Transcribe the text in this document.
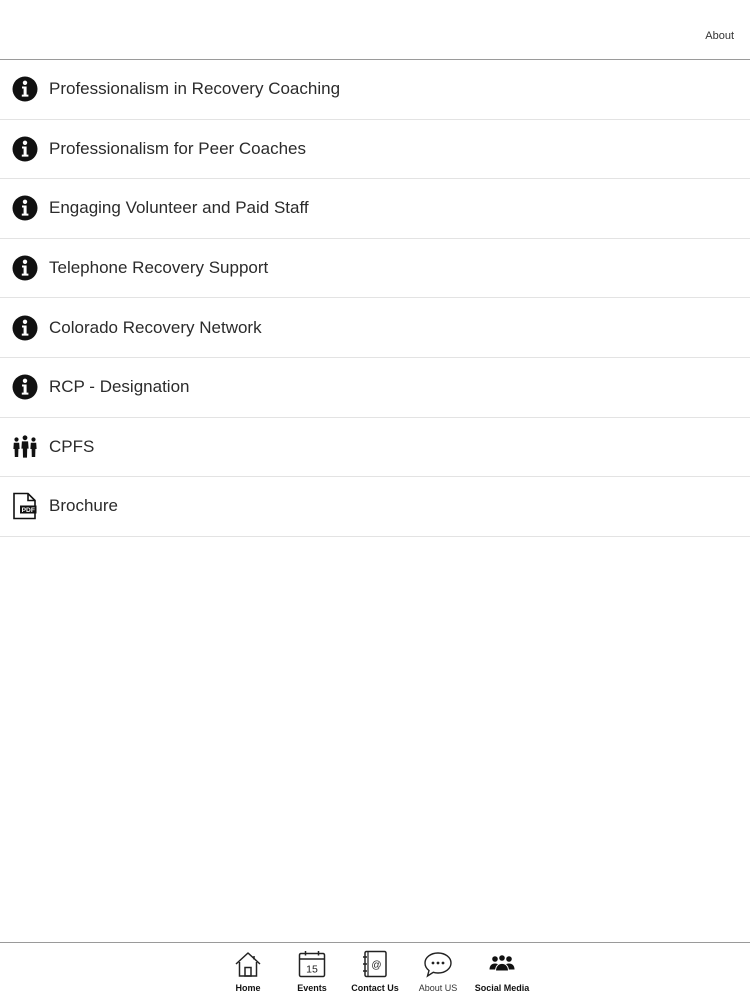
About
Professionalism in Recovery Coaching
Professionalism for Peer Coaches
Engaging Volunteer and Paid Staff
Telephone Recovery Support
Colorado Recovery Network
RCP - Designation
CPFS
PDF Brochure
Home
15
Events
@
Contact Us	About US	Social Media
